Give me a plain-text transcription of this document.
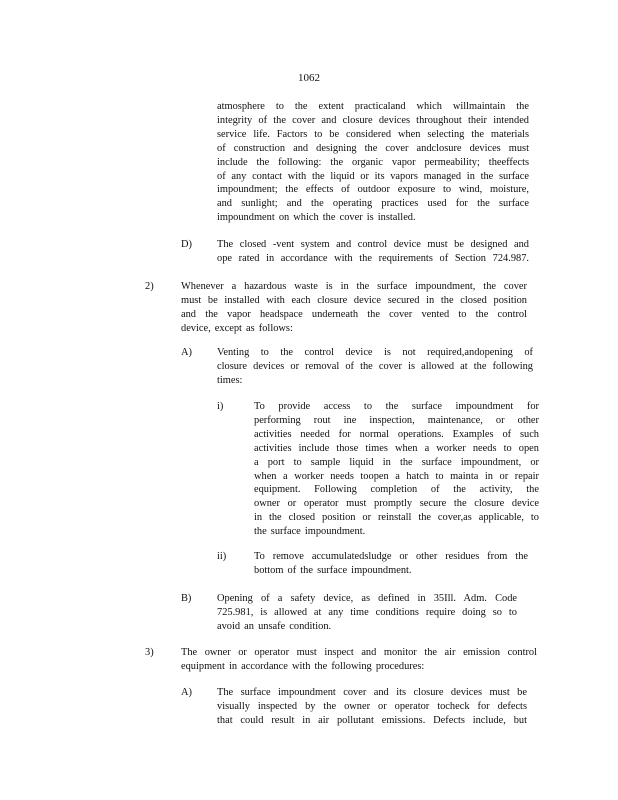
1062
atmosphere to the extent practicaland which willmaintain the
integrity of the cover and closure devices throughout their intended
service life. Factors to be considered when selecting the materials
of construction and designing the cover andclosure devices must
include the following: the organic vapor permeability; theeffects
of any contact with the liquid or its vapors managed in the surface
impoundment; the effects of outdoor exposure to wind, moisture,
and sunlight; and the operating practices used for the surface
impoundment on which the cover is installed.
D) The closed -vent system and control device must be designed and
ope rated in accordance with the requirements of Section 724.987.
2)	Whenever a hazardous waste is in the surface impoundment, the cover
must be installed with each closure device secured in the closed position
and the vapor headspace underneath the cover vented to the control
device, except as follows:
A) Venting to the control device is not required,andopening of
closure devices or removal of the cover is allowed at the following
times:
i)	To provide access to the surface impoundment for
performing rout ine inspection, maintenance, or other
activities needed for normal operations. Examples of such
activities include those times when a worker needs to open
a port to sample liquid in the surface impoundment, or
when a worker needs toopen a hatch to mainta in or repair
equipment. Following completion of the activity, the
owner or operator must promptly secure the closure device
in the closed position or reinstall the cover,as applicable, to
the surface impoundment.
ii)	To remove accumulatedsludge or other residues from the
bottom of the surface impoundment.
B) Opening of a safety device, as defined in 35Ill. Adm. Code
725.981, is allowed at any time conditions require doing so to
avoid an unsafe condition.
3)	The owner or operator must inspect and monitor the air emission control
equipment in accordance with the following procedures:
A) The surface impoundment cover and its closure devices must be
visually inspected by the owner or operator tocheck for defects
that could result in air pollutant emissions. Defects include, but
